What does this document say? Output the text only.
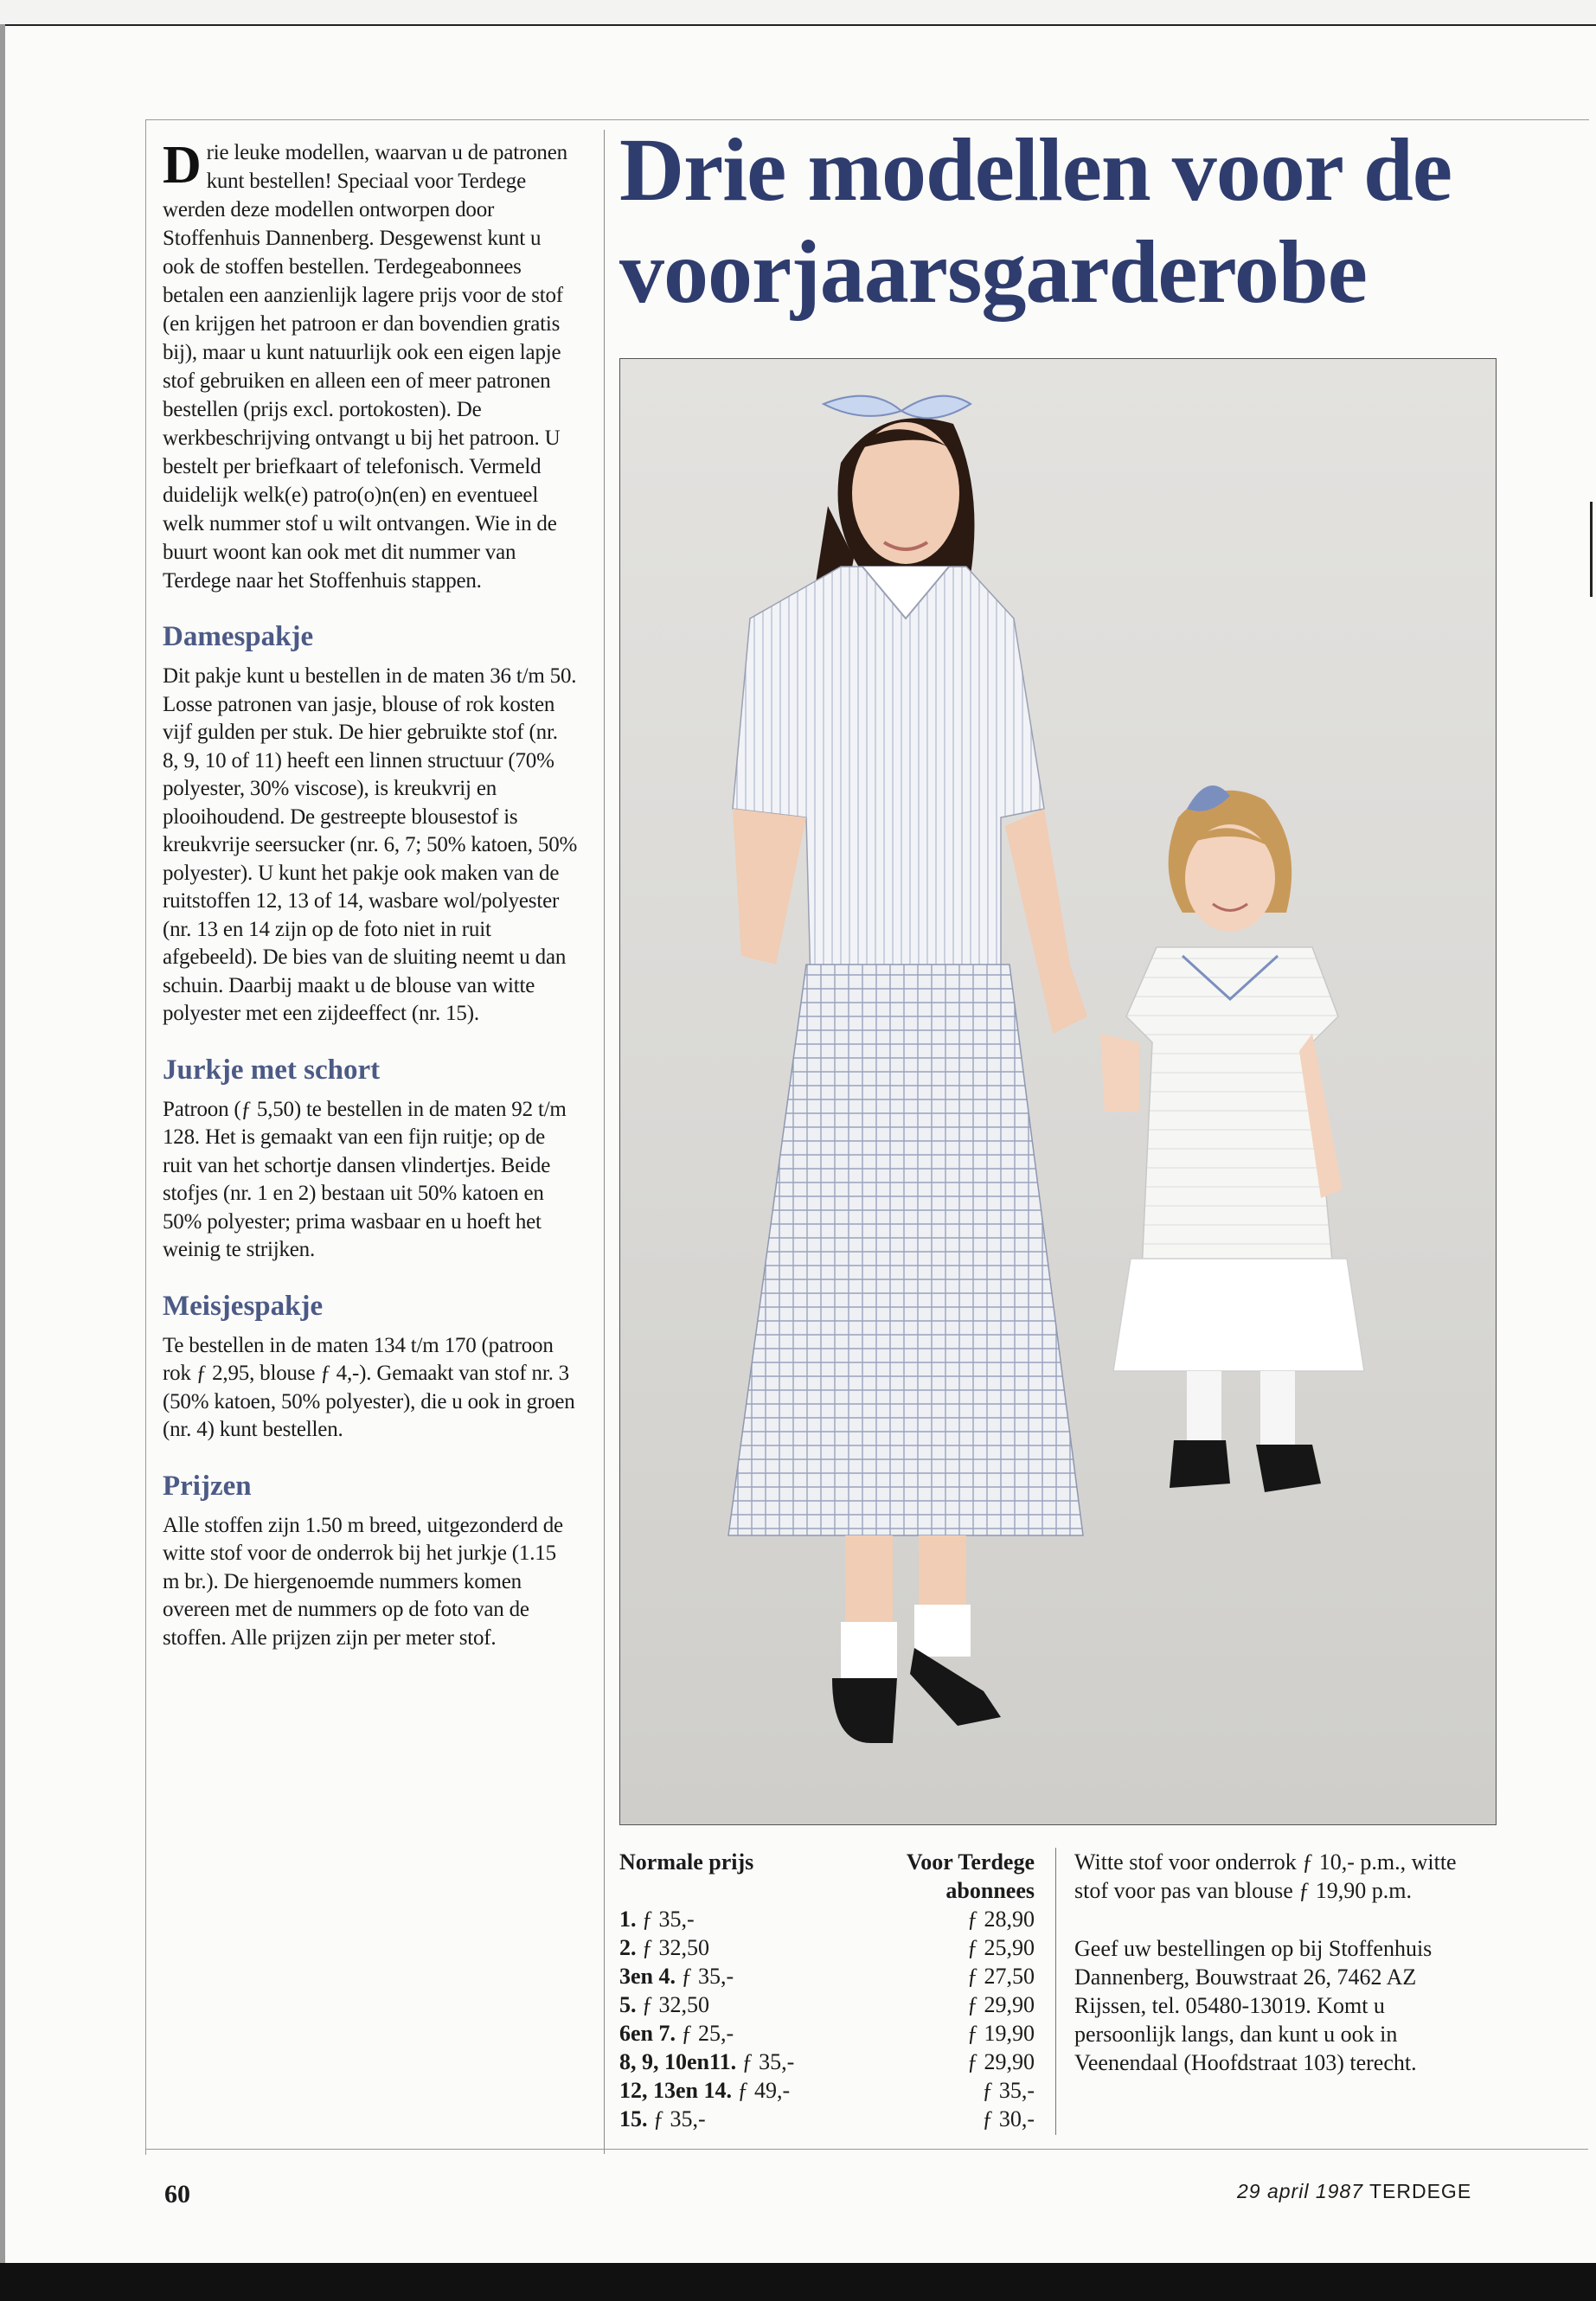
Drie leuke modellen, waarvan u de patronen kunt bestellen! Speciaal voor Terdege werden deze modellen ontworpen door Stoffenhuis Dannenberg. Desgewenst kunt u ook de stoffen bestellen. Terdegeabonnees betalen een aanzienlijk lagere prijs voor de stof (en krijgen het patroon er dan bovendien gratis bij), maar u kunt natuurlijk ook een eigen lapje stof gebruiken en alleen een of meer patronen bestellen (prijs excl. portokosten). De werkbeschrijving ontvangt u bij het patroon. U bestelt per briefkaart of telefonisch. Vermeld duidelijk welk(e) patro(o)n(en) en eventueel welk nummer stof u wilt ontvangen. Wie in de buurt woont kan ook met dit nummer van Terdege naar het Stoffenhuis stappen.

Damespakje

Dit pakje kunt u bestellen in de maten 36 t/m 50. Losse patronen van jasje, blouse of rok kosten vijf gulden per stuk. De hier gebruikte stof (nr. 8, 9, 10 of 11) heeft een linnen structuur (70% polyester, 30% viscose), is kreukvrij en plooihoudend. De gestreepte blousestof is kreukvrije seersucker (nr. 6, 7; 50% katoen, 50% polyester). U kunt het pakje ook maken van de ruitstoffen 12, 13 of 14, wasbare wol/polyester (nr. 13 en 14 zijn op de foto niet in ruit afgebeeld). De bies van de sluiting neemt u dan schuin. Daarbij maakt u de blouse van witte polyester met een zijdeeffect (nr. 15).

Jurkje met schort

Patroon (ƒ 5,50) te bestellen in de maten 92 t/m 128. Het is gemaakt van een fijn ruitje; op de ruit van het schortje dansen vlindertjes. Beide stofjes (nr. 1 en 2) bestaan uit 50% katoen en 50% polyester; prima wasbaar en u hoeft het weinig te strijken.

Meisjespakje

Te bestellen in de maten 134 t/m 170 (patroon rok ƒ 2,95, blouse ƒ 4,-). Gemaakt van stof nr. 3 (50% katoen, 50% polyester), die u ook in groen (nr. 4) kunt bestellen.

Prijzen

Alle stoffen zijn 1.50 m breed, uitgezonderd de witte stof voor de onderrok bij het jurkje (1.15 m br.). De hiergenoemde nummers komen overeen met de nummers op de foto van de stoffen. Alle prijzen zijn per meter stof.

Drie modellen voor de voorjaarsgarderobe
Normale prijs	Voor Terdege abonnees
1. ƒ 35,-	ƒ 28,90
2. ƒ 32,50	ƒ 25,90
3en 4. ƒ 35,-	ƒ 27,50
5. ƒ 32,50	ƒ 29,90
6en 7. ƒ 25,-	ƒ 19,90
8, 9, 10en11. ƒ 35,-	ƒ 29,90
12, 13en 14. ƒ 49,-	ƒ 35,-
15. ƒ 35,-	ƒ 30,-

Witte stof voor onderrok ƒ 10,- p.m., witte stof voor pas van blouse ƒ 19,90 p.m.

Geef uw bestellingen op bij Stoffenhuis Dannenberg, Bouwstraat 26, 7462 AZ Rijssen, tel. 05480-13019. Komt u persoonlijk langs, dan kunt u ook in Veenendaal (Hoofdstraat 103) terecht.

60	29 april 1987 TERDEGE
